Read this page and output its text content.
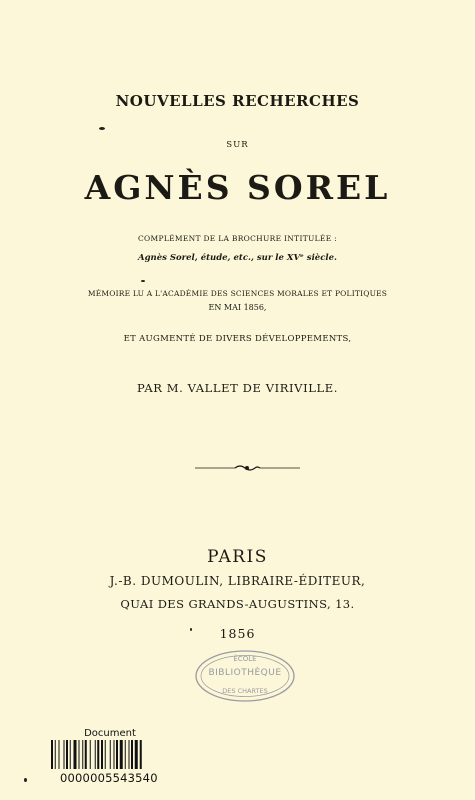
NOUVELLES RECHERCHES
SUR
AGNÈS SOREL
COMPLÉMENT DE LA BROCHURE INTITULÉE :
Agnès Sorel, étude, etc., sur le XVᵉ siècle.
MÉMOIRE LU A L'ACADÉMIE DES SCIENCES MORALES ET POLITIQUES
EN MAI 1856,
ET AUGMENTÉ DE DIVERS DÉVELOPPEMENTS,
PAR M. VALLET DE VIRIVILLE.
PARIS
J.-B. DUMOULIN, LIBRAIRE-ÉDITEUR,
QUAI DES GRANDS-AUGUSTINS, 13.
1856
ÉCOLE
BIBLIOTHÈQUE
DES CHARTES
Document
0000005543540
